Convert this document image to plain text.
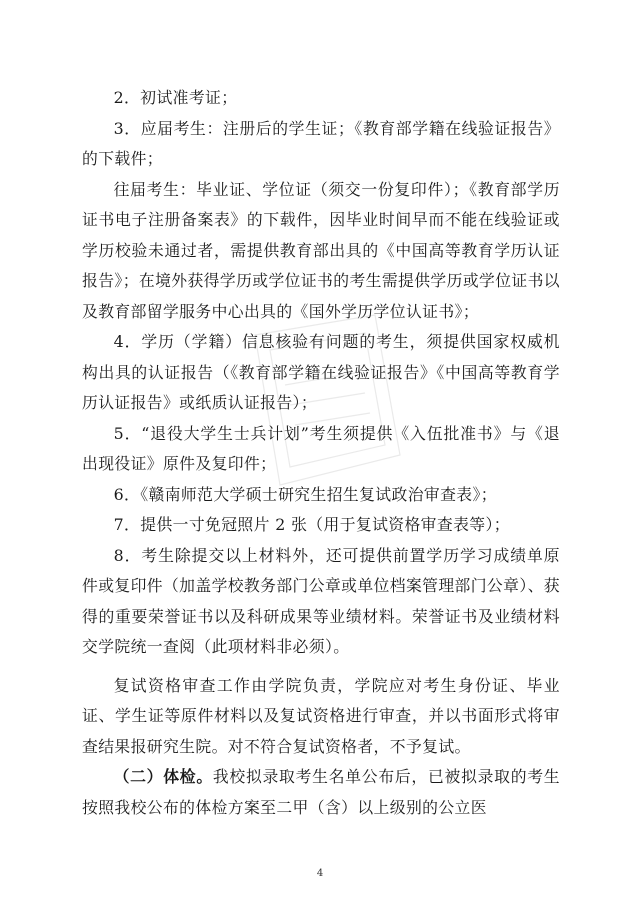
2．初试准考证；

3．应届考生：注册后的学生证；《教育部学籍在线验证报告》的下载件；

往届考生：毕业证、学位证（须交一份复印件）；《教育部学历证书电子注册备案表》的下载件，因毕业时间早而不能在线验证或学历校验未通过者，需提供教育部出具的《中国高等教育学历认证报告》；在境外获得学历或学位证书的考生需提供学历或学位证书以及教育部留学服务中心出具的《国外学历学位认证书》；

4．学历（学籍）信息核验有问题的考生，须提供国家权威机构出具的认证报告（《教育部学籍在线验证报告》《中国高等教育学历认证报告》或纸质认证报告）；

5．“退役大学生士兵计划”考生须提供《入伍批准书》与《退出现役证》原件及复印件；

6．《赣南师范大学硕士研究生招生复试政治审查表》；

7．提供一寸免冠照片 2 张（用于复试资格审查表等）；

8．考生除提交以上材料外，还可提供前置学历学习成绩单原件或复印件（加盖学校教务部门公章或单位档案管理部门公章）、获得的重要荣誉证书以及科研成果等业绩材料。荣誉证书及业绩材料交学院统一查阅（此项材料非必须）。

复试资格审查工作由学院负责，学院应对考生身份证、毕业证、学生证等原件材料以及复试资格进行审查，并以书面形式将审查结果报研究生院。对不符合复试资格者，不予复试。

（二）体检。我校拟录取考生名单公布后，已被拟录取的考生按照我校公布的体检方案至二甲（含）以上级别的公立医

4
